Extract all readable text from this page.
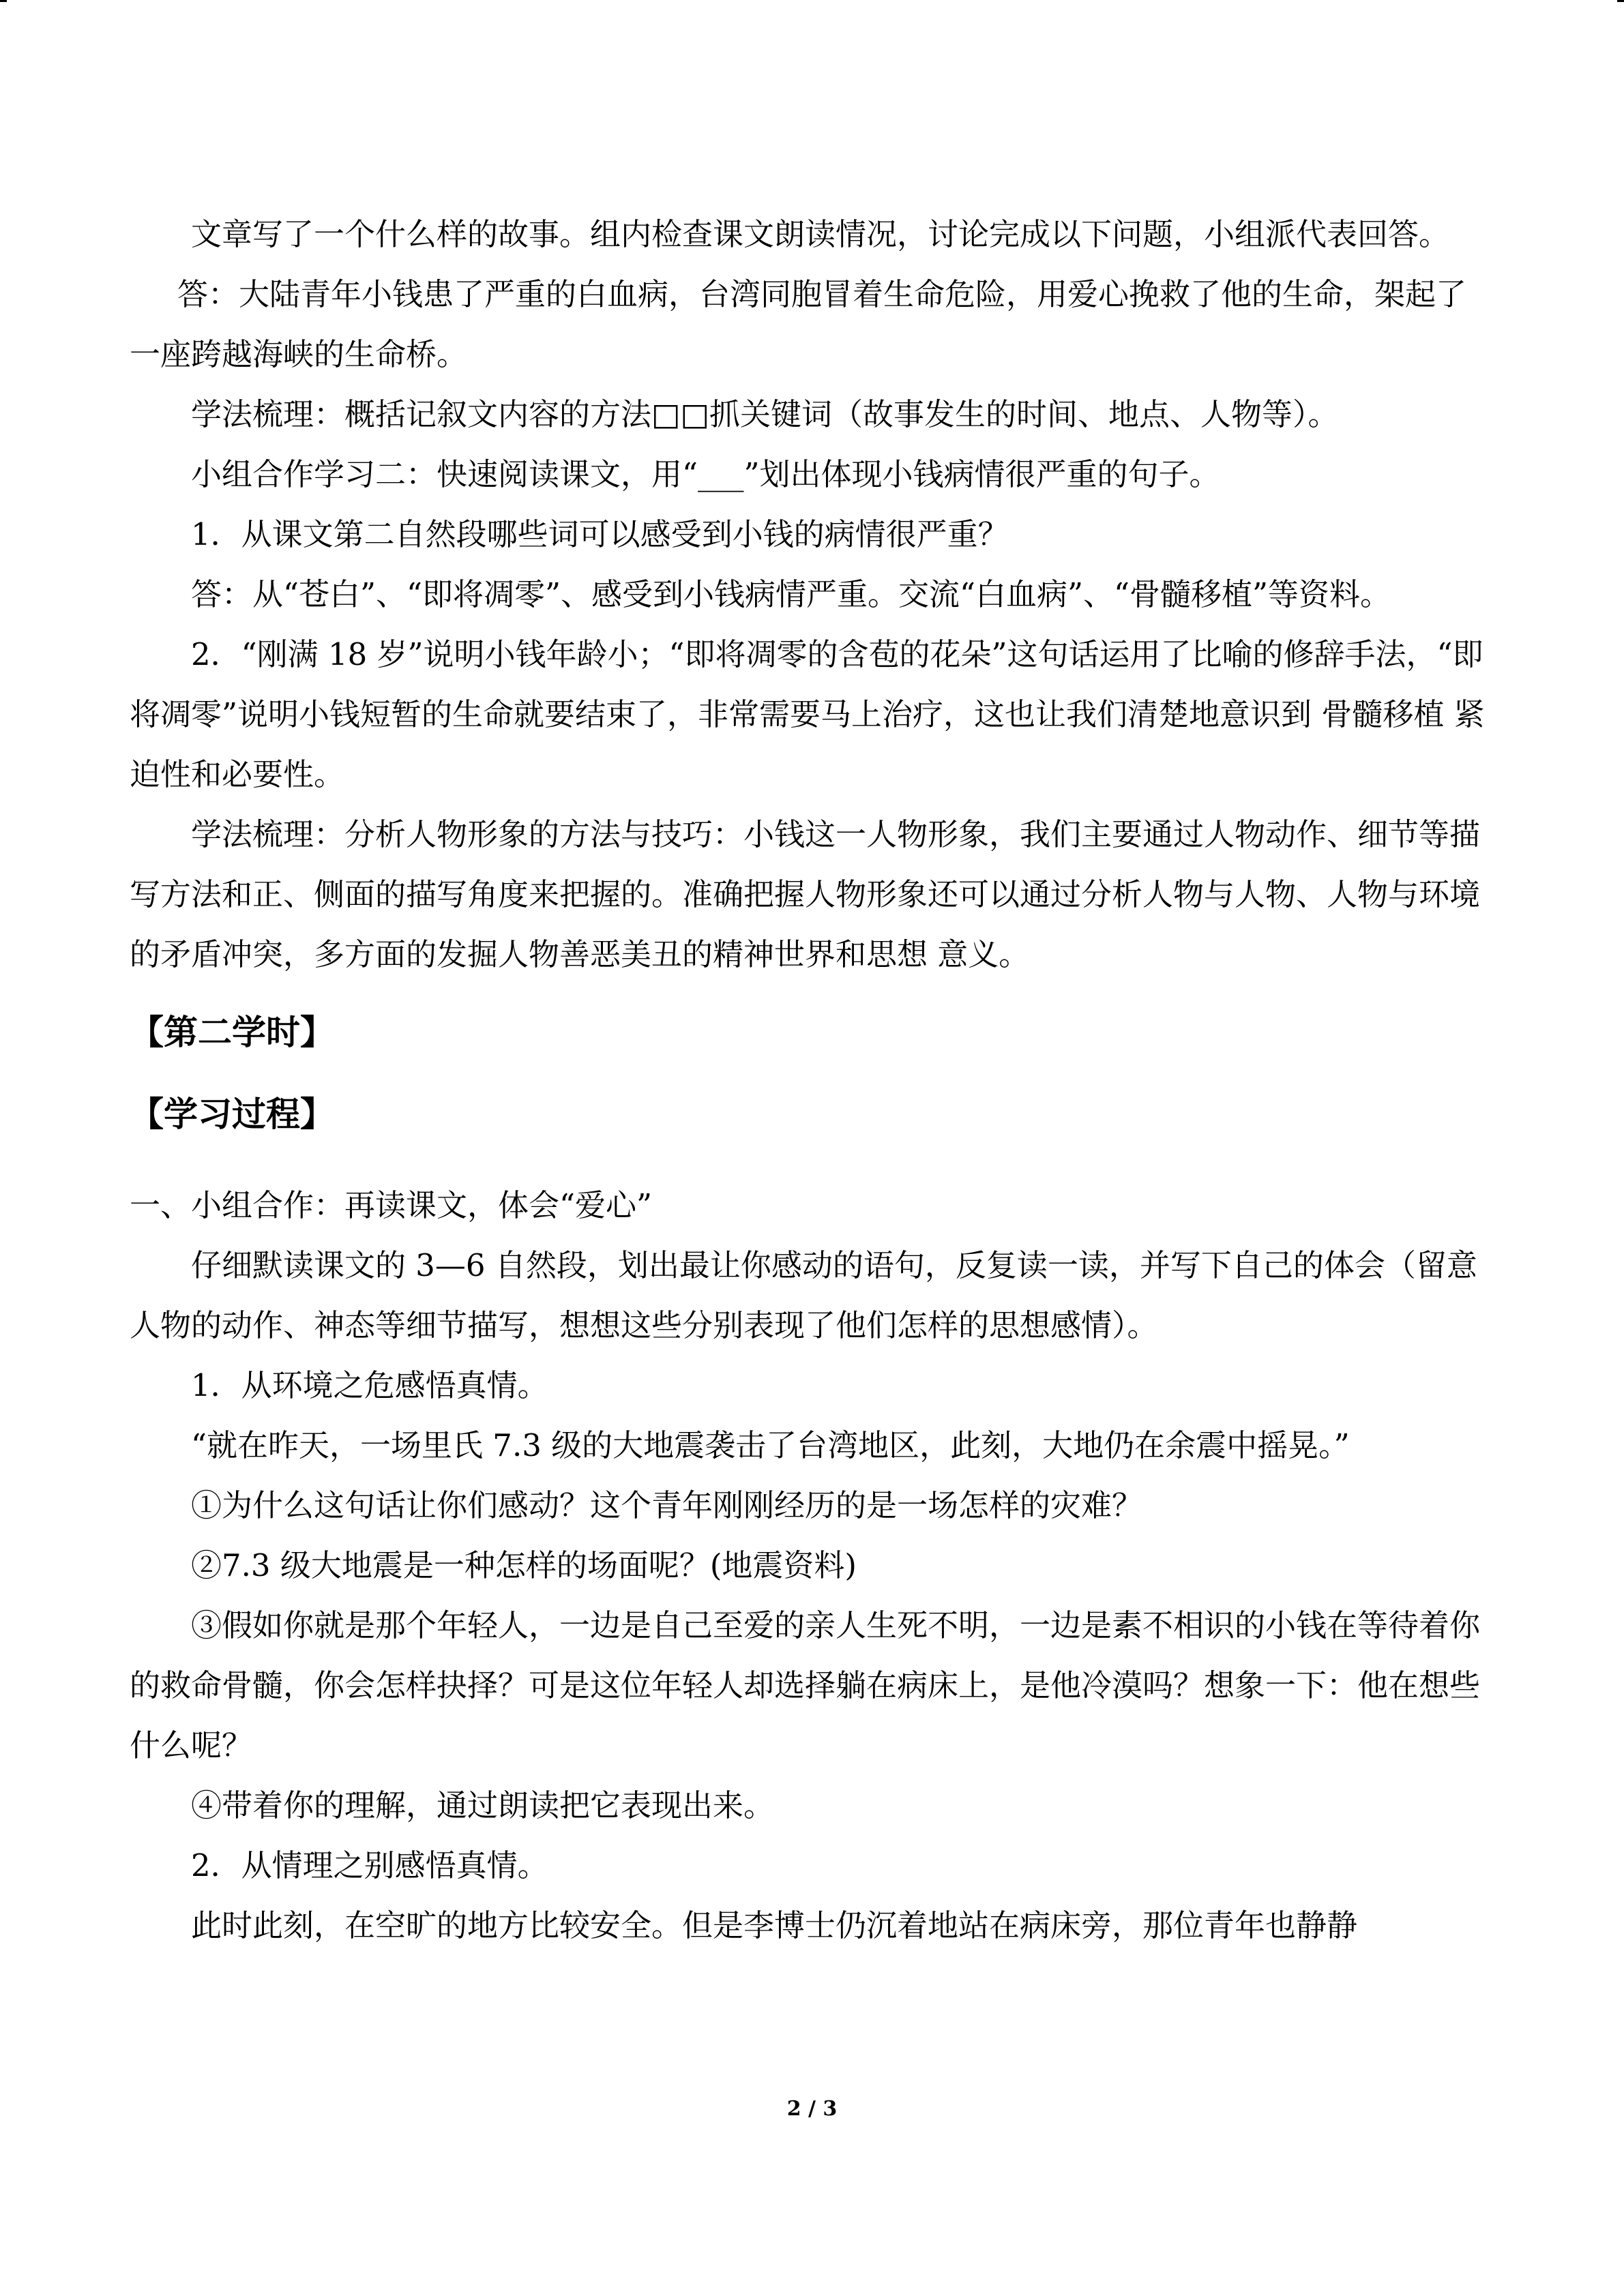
文章写了一个什么样的故事。组内检查课文朗读情况，讨论完成以下问题，小组派代表回答。

答：大陆青年小钱患了严重的白血病，台湾同胞冒着生命危险，用爱心挽救了他的生命，架起了一座跨越海峡的生命桥。

学法梳理：概括记叙文内容的方法□□抓关键词（故事发生的时间、地点、人物等）。

小组合作学习二：快速阅读课文，用“___”划出体现小钱病情很严重的句子。

1．从课文第二自然段哪些词可以感受到小钱的病情很严重？

答：从“苍白”、“即将凋零”、感受到小钱病情严重。交流“白血病”、“骨髓移植”等资料。

2．“刚满 18 岁”说明小钱年龄小；“即将凋零的含苞的花朵”这句话运用了比喻的修辞手法，“即将凋零”说明小钱短暂的生命就要结束了，非常需要马上治疗，这也让我们清楚地意识到 骨髓移植 紧迫性和必要性。

学法梳理：分析人物形象的方法与技巧：小钱这一人物形象，我们主要通过人物动作、细节等描写方法和正、侧面的描写角度来把握的。准确把握人物形象还可以通过分析人物与人物、人物与环境的矛盾冲突，多方面的发掘人物善恶美丑的精神世界和思想 意义。

【第二学时】
【学习过程】

一、小组合作：再读课文，体会“爱心”

仔细默读课文的 3—6 自然段，划出最让你感动的语句，反复读一读，并写下自己的体会（留意人物的动作、神态等细节描写，想想这些分别表现了他们怎样的思想感情）。

1．从环境之危感悟真情。

“就在昨天，一场里氏 7.3 级的大地震袭击了台湾地区，此刻，大地仍在余震中摇晃。”

①为什么这句话让你们感动？这个青年刚刚经历的是一场怎样的灾难？

②7.3 级大地震是一种怎样的场面呢？(地震资料)

③假如你就是那个年轻人，一边是自己至爱的亲人生死不明，一边是素不相识的小钱在等待着你的救命骨髓，你会怎样抉择？可是这位年轻人却选择躺在病床上，是他冷漠吗？想象一下：他在想些什么呢？

④带着你的理解，通过朗读把它表现出来。

2．从情理之别感悟真情。

此时此刻，在空旷的地方比较安全。但是李博士仍沉着地站在病床旁，那位青年也静静

2 / 3
